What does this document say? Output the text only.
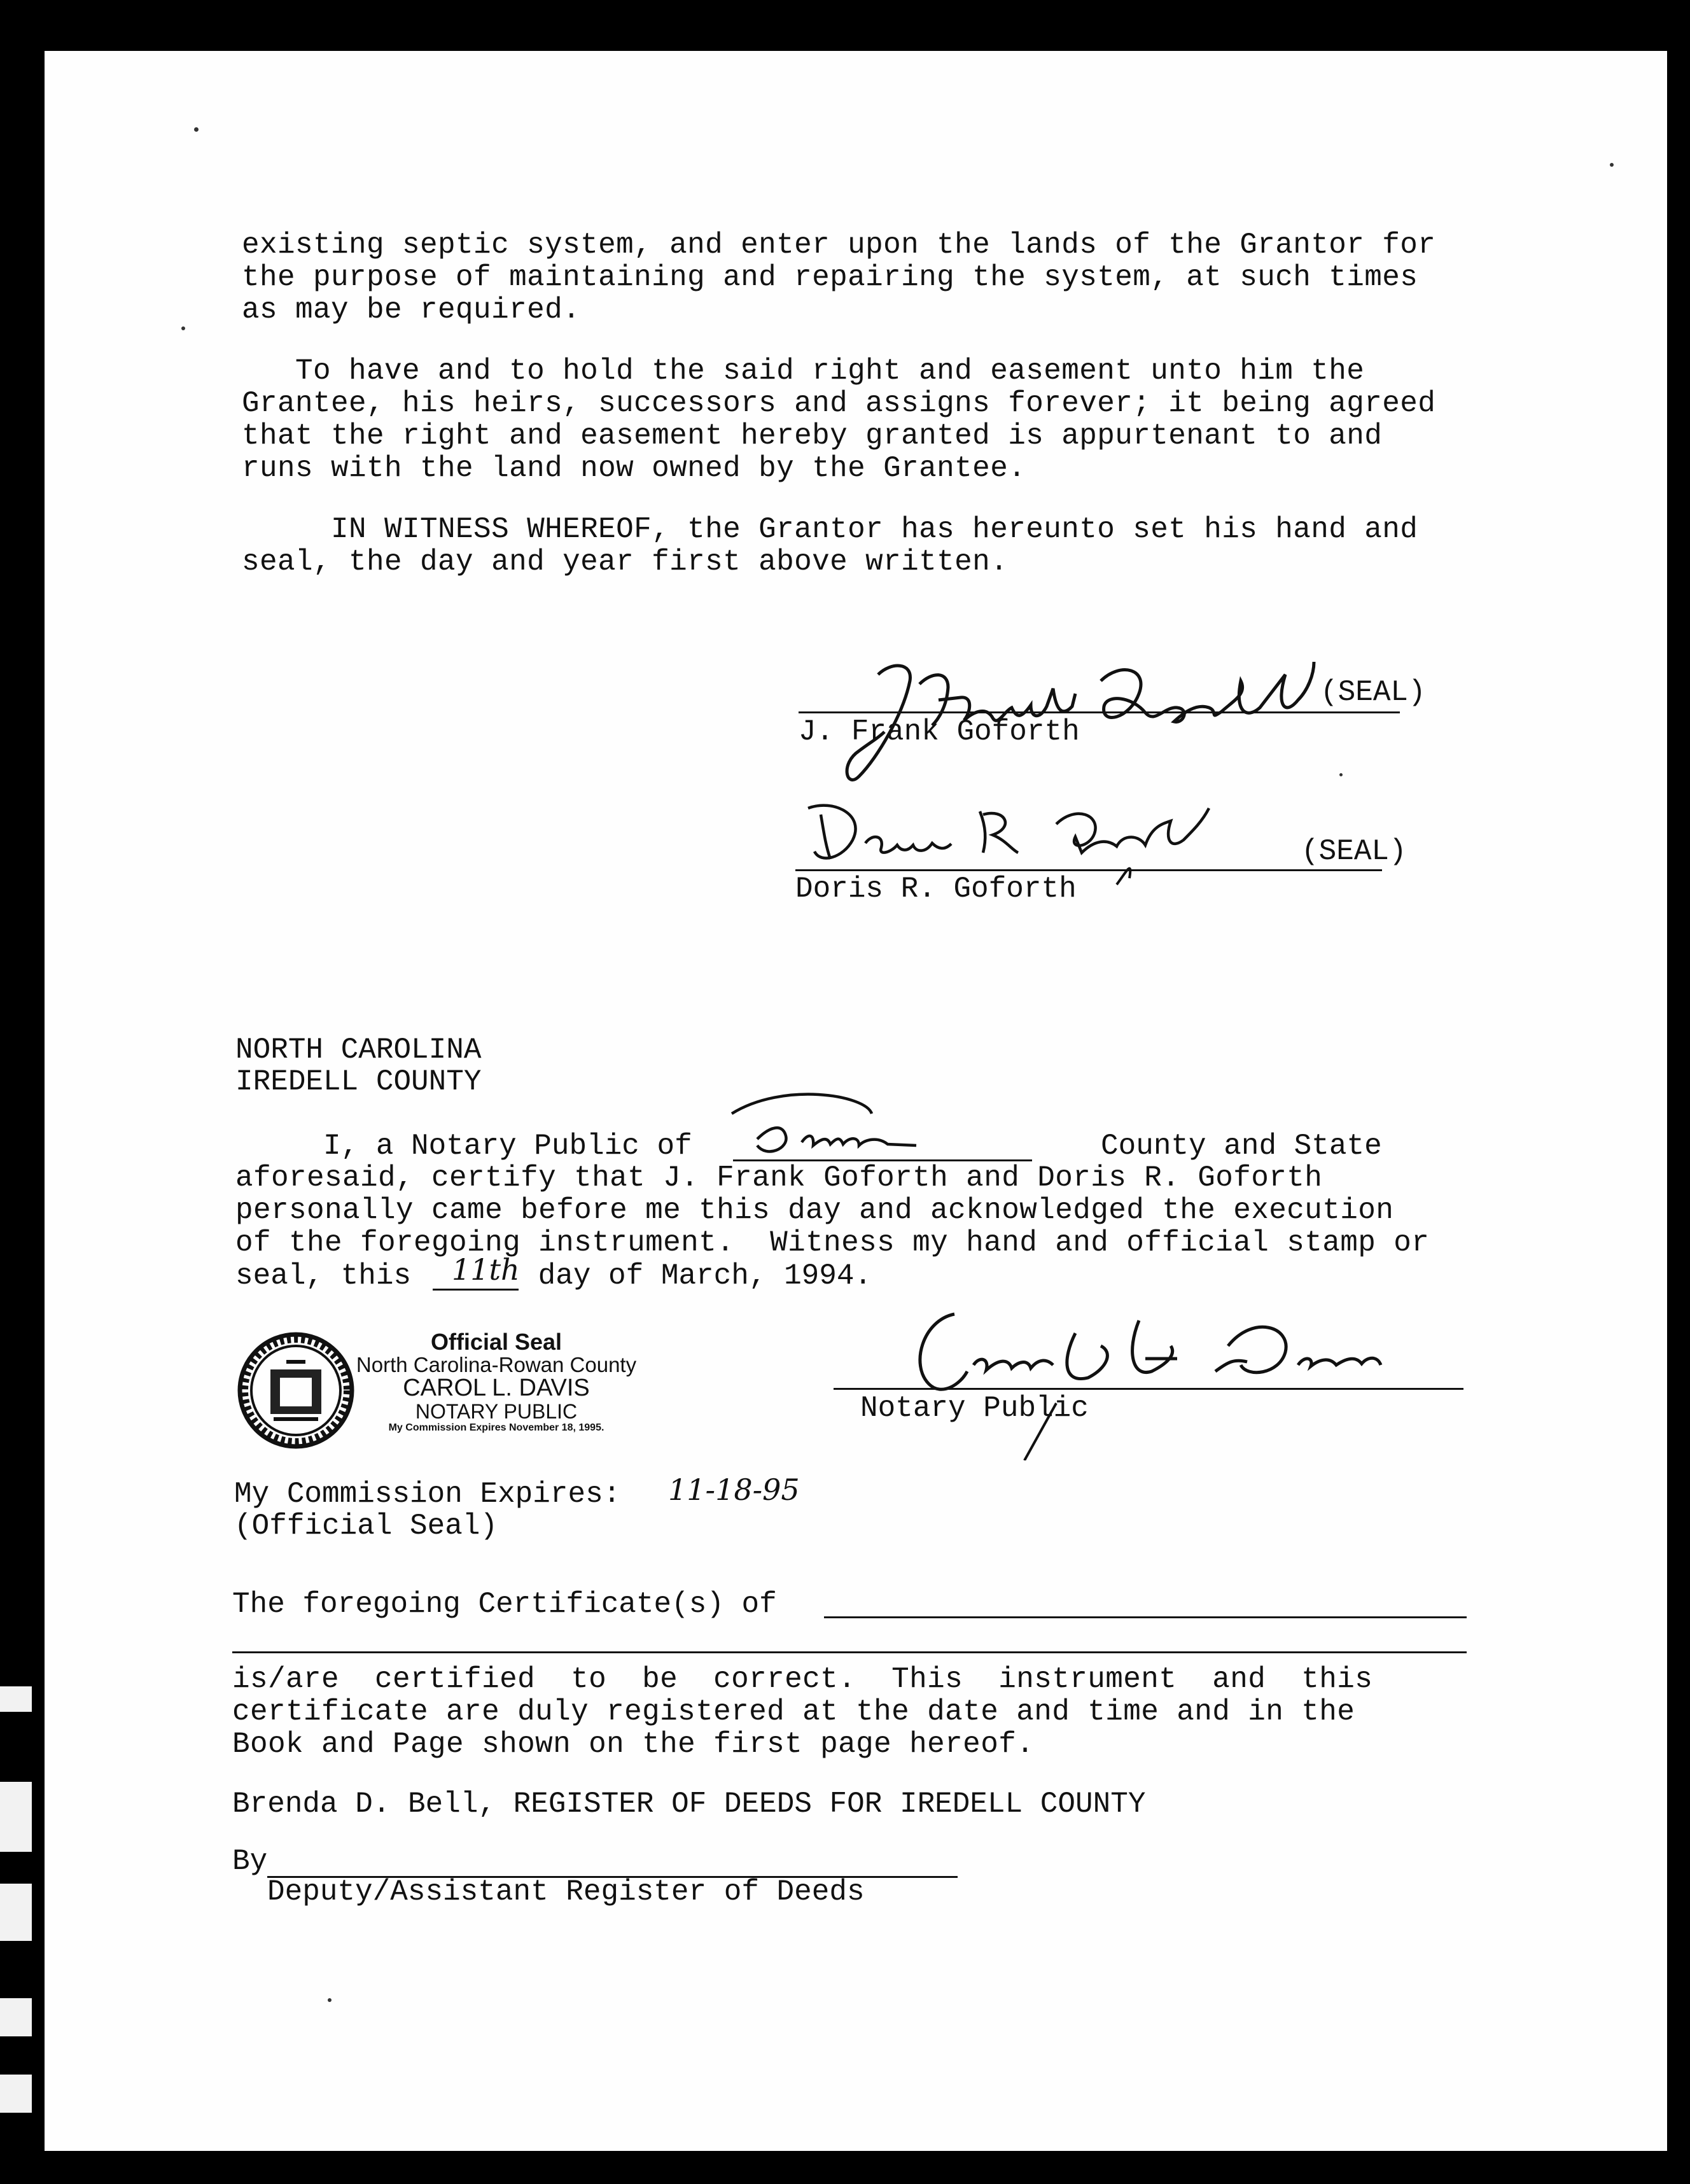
existing septic system, and enter upon the lands of the Grantor for
the purpose of maintaining and repairing the system, at such times
as may be required.

To have and to hold the said right and easement unto him the
Grantee, his heirs, successors and assigns forever; it being agreed
that the right and easement hereby granted is appurtenant to and
runs with the land now owned by the Grantee.

IN WITNESS WHEREOF, the Grantor has hereunto set his hand and
seal, the day and year first above written.

(SEAL)
J. Frank Goforth
(SEAL)
Doris R. Goforth
NORTH CAROLINA
IREDELL COUNTY
I, a Notary Public of	County and State

aforesaid, certify that J. Frank Goforth and Doris R. Goforth
personally came before me this day and acknowledged the execution
of the foregoing instrument.  Witness my hand and official stamp or

seal, this 11th day of March, 1994.
Official Seal
North Carolina-Rowan County
CAROL L. DAVIS
NOTARY PUBLIC
My Commission Expires November 18, 1995.
Notary Public
My Commission Expires: 11-18-95
(Official Seal)
The foregoing Certificate(s) of

is/are  certified  to  be  correct.  This  instrument  and  this
certificate are duly registered at the date and time and in the
Book and Page shown on the first page hereof.

Brenda D. Bell, REGISTER OF DEEDS FOR IREDELL COUNTY
By
Deputy/Assistant Register of Deeds
